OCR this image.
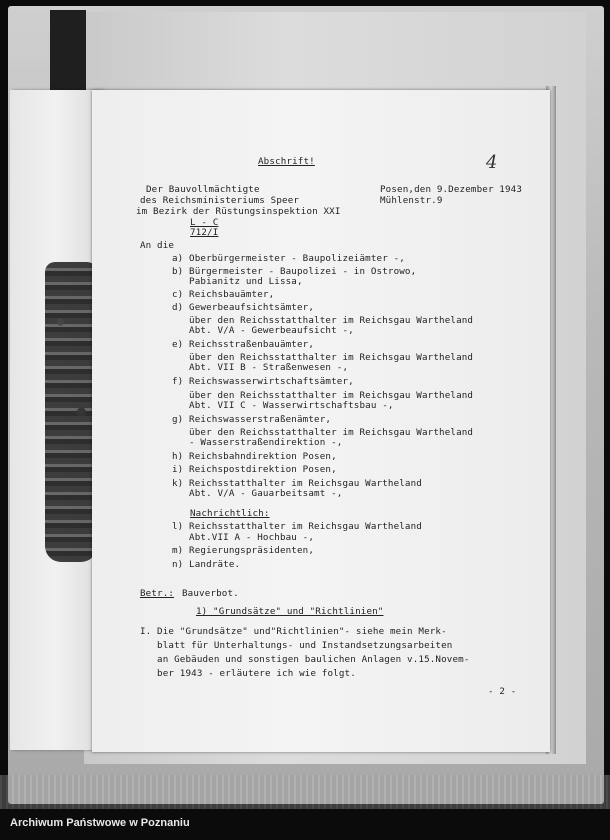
Abschrift!	4
Der Bauvollmächtigte
des Reichsministeriums Speer
im Bezirk der Rüstungsinspektion XXI
Posen,den 9.Dezember 1943
Mühlenstr.9
L - C
712/I
An die
a) Oberbürgermeister - Baupolizeiämter -,
b) Bürgermeister - Baupolizei - in Ostrowo,
Pabianitz und Lissa,
c) Reichsbauämter,
d) Gewerbeaufsichtsämter,
über den Reichsstatthalter im Reichsgau Wartheland
Abt. V/A - Gewerbeaufsicht -,
e) Reichsstraßenbauämter,
über den Reichsstatthalter im Reichsgau Wartheland
Abt. VII B - Straßenwesen -,
f) Reichswasserwirtschaftsämter,
über den Reichsstatthalter im Reichsgau Wartheland
Abt. VII C - Wasserwirtschaftsbau -,
g) Reichswasserstraßenämter,
über den Reichsstatthalter im Reichsgau Wartheland
- Wasserstraßendirektion -,
h) Reichsbahndirektion Posen,
i) Reichspostdirektion Posen,
k) Reichsstatthalter im Reichsgau Wartheland
Abt. V/A - Gauarbeitsamt -,
Nachrichtlich:
l) Reichsstatthalter im Reichsgau Wartheland
Abt.VII A - Hochbau -,
m) Regierungspräsidenten,
n) Landräte.
Betr.: Bauverbot.
1) "Grundsätze" und "Richtlinien"
I. Die "Grundsätze" und"Richtlinien"- siehe mein Merk-
blatt für Unterhaltungs- und Instandsetzungsarbeiten
an Gebäuden und sonstigen baulichen Anlagen v.15.Novem-
ber 1943 - erläutere ich wie folgt.
- 2 -
Archiwum Państwowe w Poznaniu
